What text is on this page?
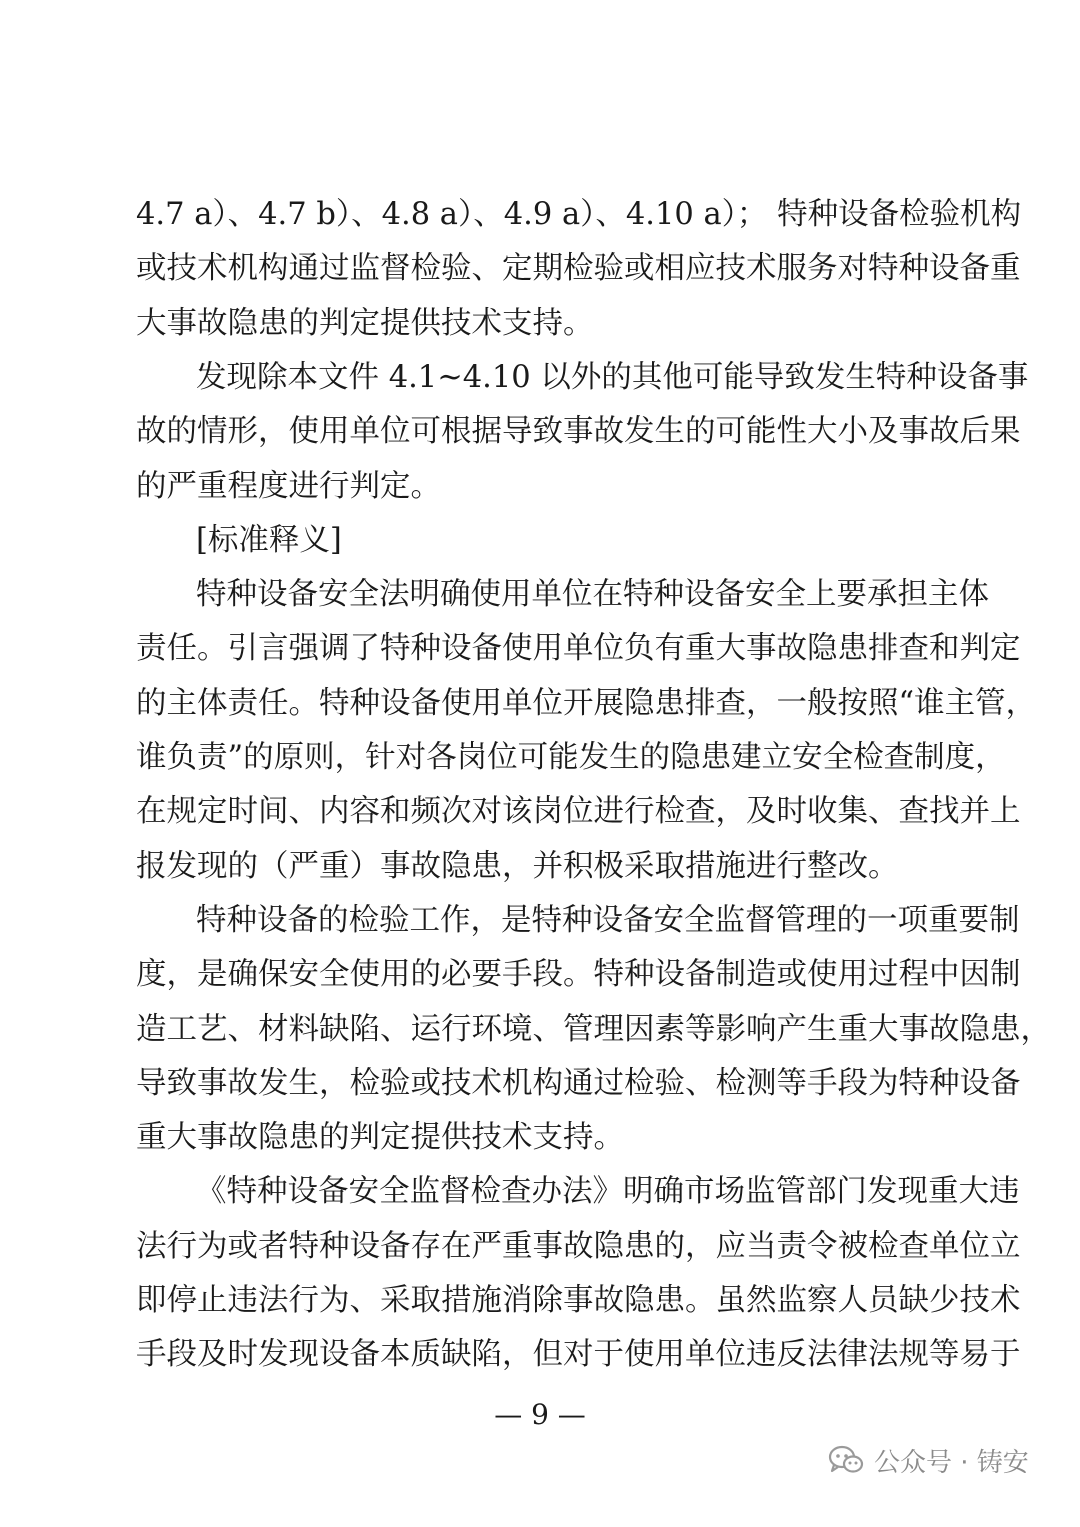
4.7 a）、4.7 b）、4.8 a）、4.9 a）、4.10 a）； 特种设备检验机构
或技术机构通过监督检验、定期检验或相应技术服务对特种设备重
大事故隐患的判定提供技术支持。
发现除本文件 4.1~4.10 以外的其他可能导致发生特种设备事
故的情形，使用单位可根据导致事故发生的可能性大小及事故后果
的严重程度进行判定。
[标准释义]
特种设备安全法明确使用单位在特种设备安全上要承担主体
责任。引言强调了特种设备使用单位负有重大事故隐患排查和判定
的主体责任。特种设备使用单位开展隐患排查，一般按照“谁主管，
谁负责”的原则，针对各岗位可能发生的隐患建立安全检查制度，
在规定时间、内容和频次对该岗位进行检查，及时收集、查找并上
报发现的（严重）事故隐患，并积极采取措施进行整改。
特种设备的检验工作，是特种设备安全监督管理的一项重要制
度，是确保安全使用的必要手段。特种设备制造或使用过程中因制
造工艺、材料缺陷、运行环境、管理因素等影响产生重大事故隐患，
导致事故发生，检验或技术机构通过检验、检测等手段为特种设备
重大事故隐患的判定提供技术支持。
《特种设备安全监督检查办法》明确市场监管部门发现重大违
法行为或者特种设备存在严重事故隐患的，应当责令被检查单位立
即停止违法行为、采取措施消除事故隐患。虽然监察人员缺少技术
手段及时发现设备本质缺陷，但对于使用单位违反法律法规等易于
— 9 —
公众号 · 铸安
